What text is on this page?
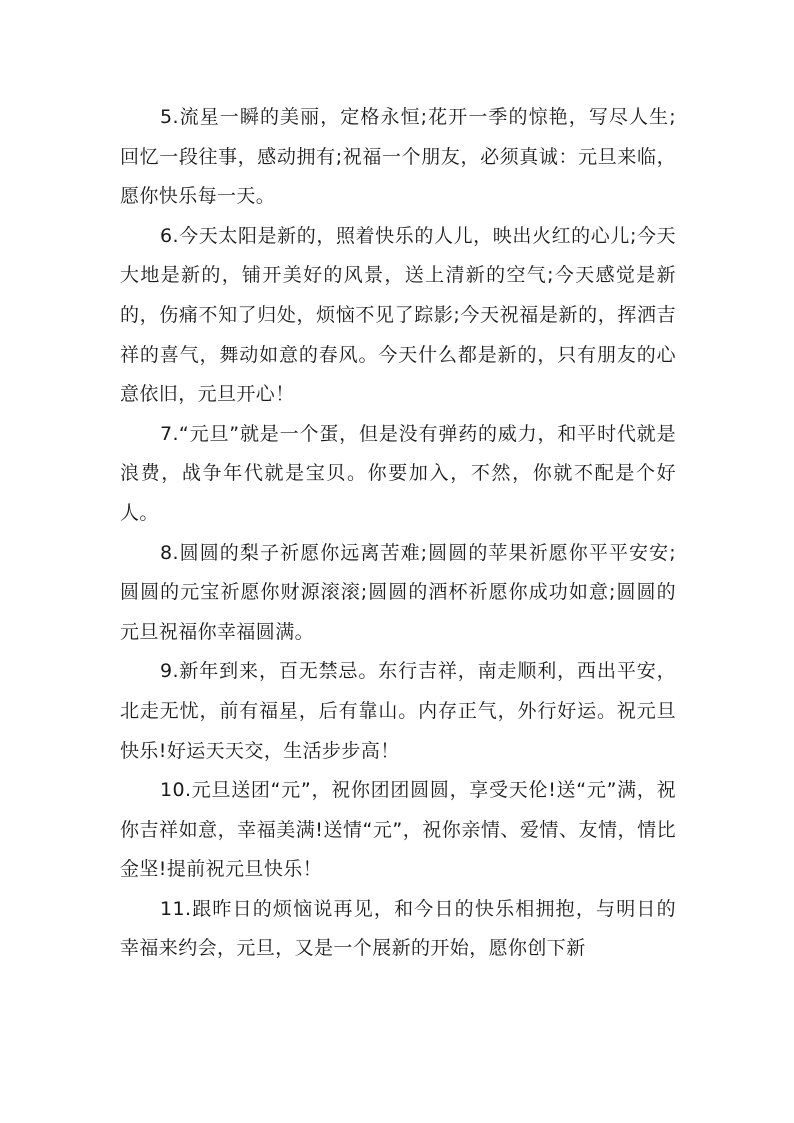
5.流星一瞬的美丽，定格永恒;花开一季的惊艳，写尽人生;回忆一段往事，感动拥有;祝福一个朋友，必须真诚：元旦来临，愿你快乐每一天。

6.今天太阳是新的，照着快乐的人儿，映出火红的心儿;今天大地是新的，铺开美好的风景，送上清新的空气;今天感觉是新的，伤痛不知了归处，烦恼不见了踪影;今天祝福是新的，挥洒吉祥的喜气，舞动如意的春风。今天什么都是新的，只有朋友的心意依旧，元旦开心！

7.“元旦”就是一个蛋，但是没有弹药的威力，和平时代就是浪费，战争年代就是宝贝。你要加入，不然，你就不配是个好人。

8.圆圆的梨子祈愿你远离苦难;圆圆的苹果祈愿你平平安安;圆圆的元宝祈愿你财源滚滚;圆圆的酒杯祈愿你成功如意;圆圆的元旦祝福你幸福圆满。

9.新年到来，百无禁忌。东行吉祥，南走顺利，西出平安，北走无忧，前有福星，后有靠山。内存正气，外行好运。祝元旦快乐!好运天天交，生活步步高！

10.元旦送团“元”，祝你团团圆圆，享受天伦!送“元”满，祝你吉祥如意，幸福美满!送情“元”，祝你亲情、爱情、友情，情比金坚!提前祝元旦快乐！

11.跟昨日的烦恼说再见，和今日的快乐相拥抱，与明日的幸福来约会，元旦，又是一个展新的开始，愿你创下新
